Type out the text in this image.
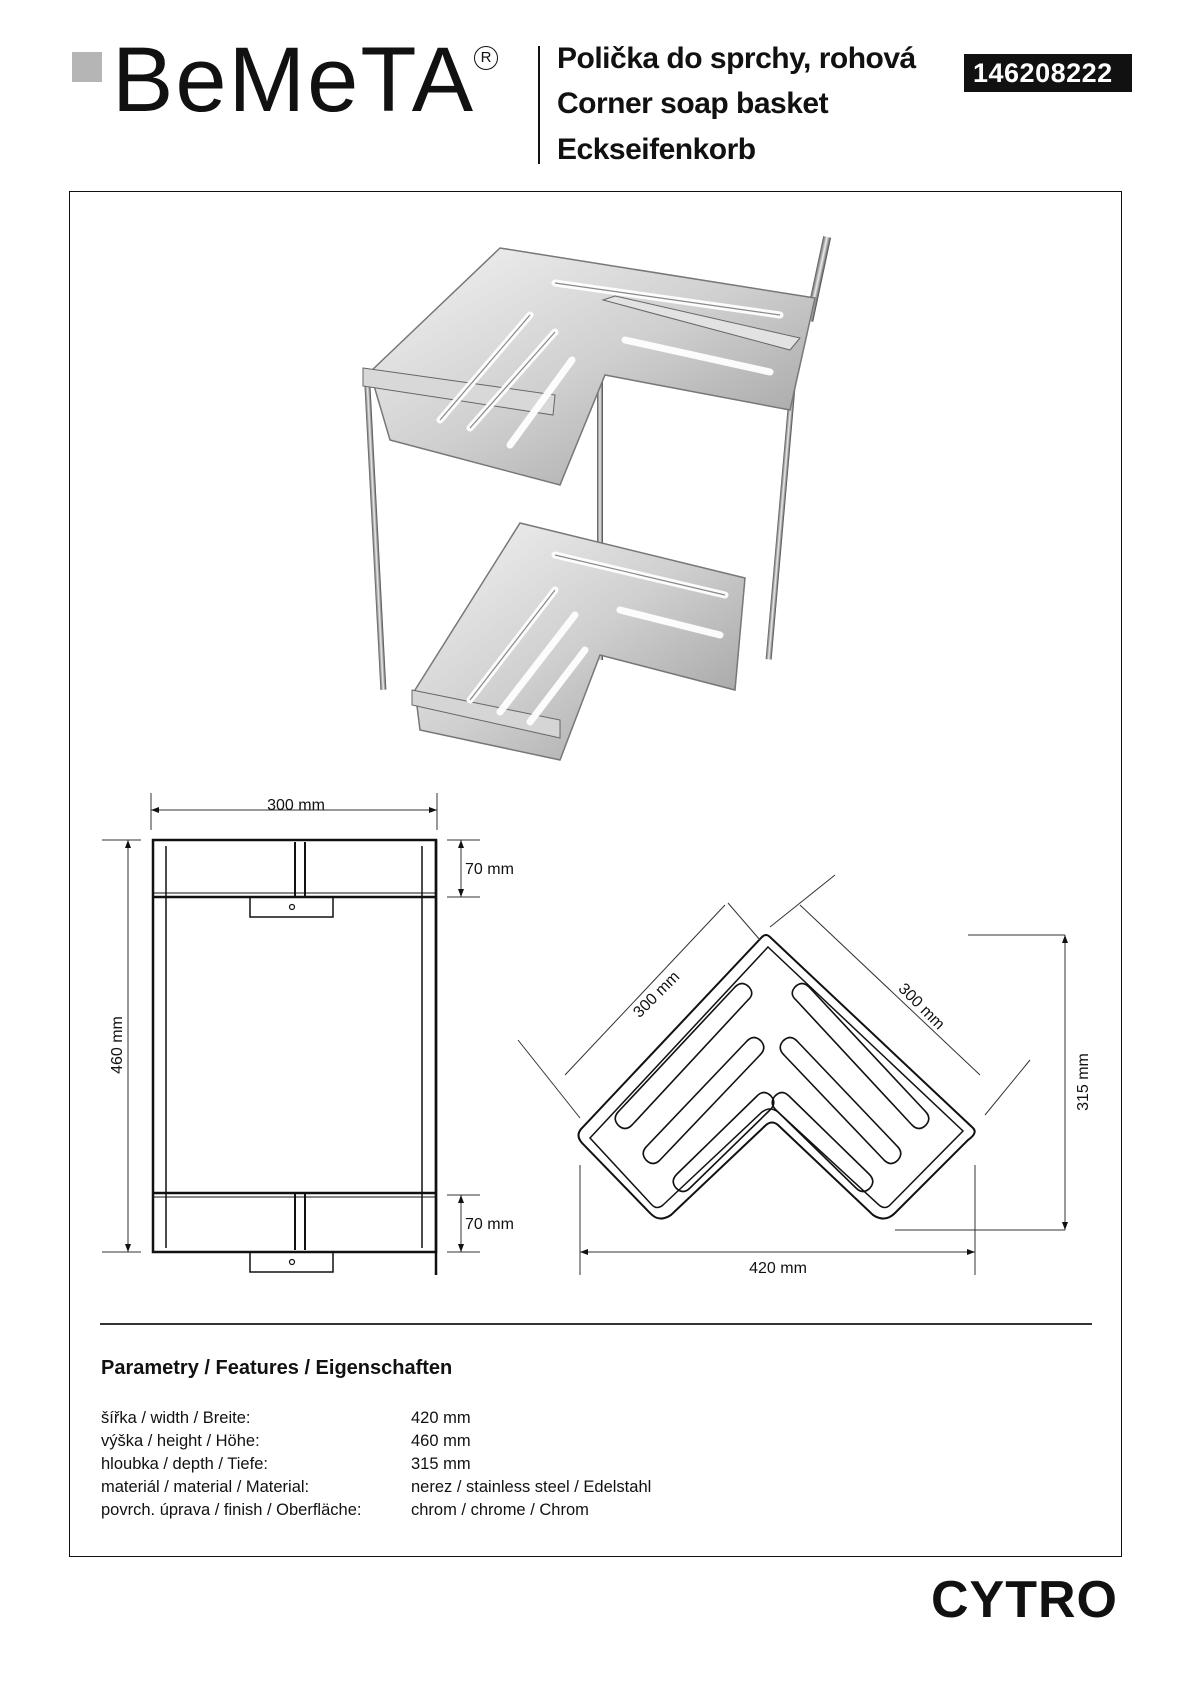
BeMeTA R Polička do sprchy, rohová
Corner soap basket
Eckseifenkorb
146208222
300 mm
460 mm
70 mm
70 mm
300 mm	300 mm
315 mm
420 mm
Parametry / Features / Eigenschaften
šířka / width / Breite:	420 mm
výška / height / Höhe:	460 mm
hloubka / depth / Tiefe:	315 mm
materiál / material / Material:	nerez / stainless steel / Edelstahl
povrch. úprava / finish / Oberfläche:	chrom / chrome / Chrom
CYTRO
